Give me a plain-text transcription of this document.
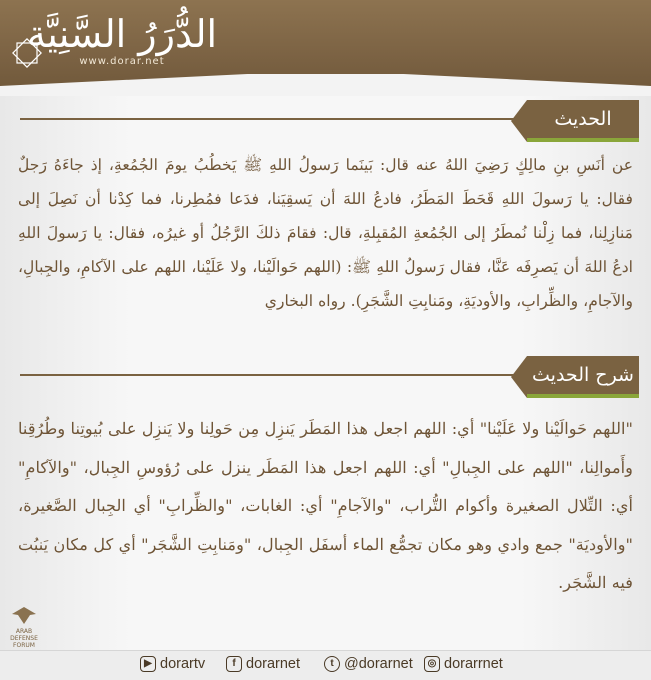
الدُّرَرُ السَّنِيَّة
www.dorar.net
الحديث
عن أنَسِ بنِ مالِكٍ رَضِيَ اللهُ عنه قال: بَينَما رَسولُ اللهِ ﷺ يَخطُبُ يومَ الجُمُعةِ، إذ جاءَهُ رَجلٌ فقال: يا رَسولَ اللهِ قَحَطَ المَطَرُ، فادعُ اللهَ أن يَسقِيَنا، فدَعا فمُطِرنا، فما كِدْنا أن نَصِلَ إلى مَنازِلِنا، فما زِلْنا نُمطَرُ إلى الجُمُعةِ المُقبِلةِ، قال: فقامَ ذلكَ الرَّجُلُ أو غيرُه، فقال: يا رَسولَ اللهِ ادعُ اللهَ أن يَصرِفَه عَنَّا، فقال رَسولُ اللهِ ﷺ: (اللهم حَوالَيْنا، ولا عَلَيْنا، اللهم على الآكامِ، والجِبالِ، والآجامِ، والظِّرابِ، والأوديَةِ، ومَنابِتِ الشَّجَرِ). رواه البخاري
شرح الحديث
"اللهم حَوالَيْنا ولا عَلَيْنا" أي: اللهم اجعل هذا المَطَر يَنزِل مِن حَولِنا ولا يَنزِل على بُيوتِنا وطُرُقِنا وأَموالِنا، "اللهم على الجِبالِ" أي: اللهم اجعل هذا المَطَر ينزل على رُؤوسِ الجِبال، "والآكامِ" أي: التِّلال الصغيرة وأكوام التُّراب، "والآجامِ" أي: الغابات، "والظِّرابِ" أي الجِبال الصَّغيرة، "والأوديَة" جمع وادي وهو مكان تجمُّع الماء أسفَل الجِبال، "ومَنابِتِ الشَّجَر" أي كل مكان يَنبُت فيه الشَّجَر.
ARAB DEFENSE FORUM
▶ dorartv	f dorarnet	t @dorarnet	◎ dorarrnet
